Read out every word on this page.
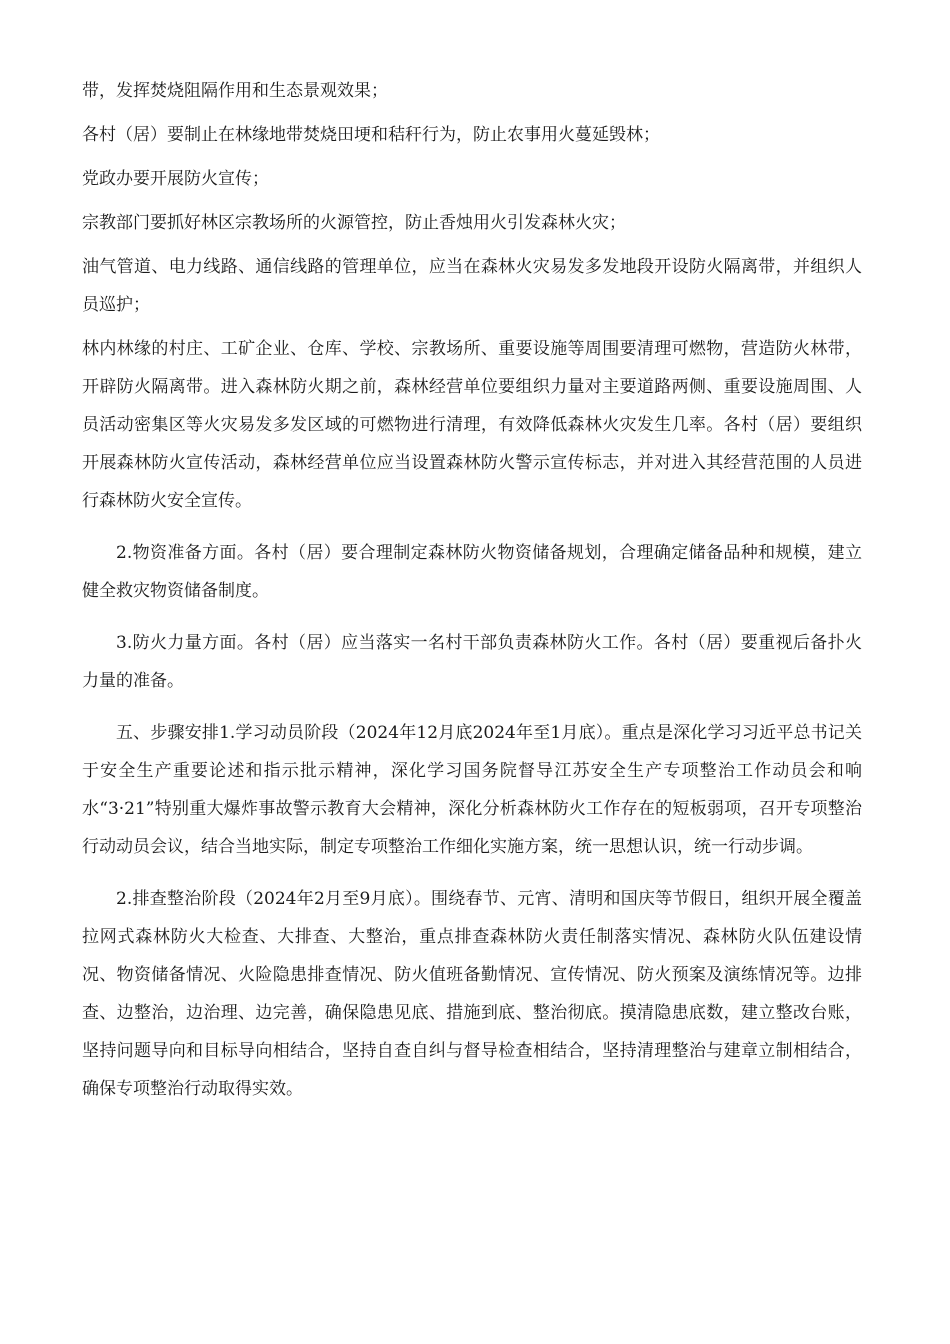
带，发挥焚烧阻隔作用和生态景观效果；

各村（居）要制止在林缘地带焚烧田埂和秸秆行为，防止农事用火蔓延毁林；

党政办要开展防火宣传；

宗教部门要抓好林区宗教场所的火源管控，防止香烛用火引发森林火灾；

油气管道、电力线路、通信线路的管理单位，应当在森林火灾易发多发地段开设防火隔离带，并组织人员巡护；

林内林缘的村庄、工矿企业、仓库、学校、宗教场所、重要设施等周围要清理可燃物，营造防火林带，开辟防火隔离带。进入森林防火期之前，森林经营单位要组织力量对主要道路两侧、重要设施周围、人员活动密集区等火灾易发多发区域的可燃物进行清理，有效降低森林火灾发生几率。各村（居）要组织开展森林防火宣传活动，森林经营单位应当设置森林防火警示宣传标志，并对进入其经营范围的人员进行森林防火安全宣传。

2.物资准备方面。各村（居）要合理制定森林防火物资储备规划，合理确定储备品种和规模，建立健全救灾物资储备制度。

3.防火力量方面。各村（居）应当落实一名村干部负责森林防火工作。各村（居）要重视后备扑火力量的准备。

五、步骤安排1.学习动员阶段（2024年12月底2024年至1月底）。重点是深化学习习近平总书记关于安全生产重要论述和指示批示精神，深化学习国务院督导江苏安全生产专项整治工作动员会和响水“3·21”特别重大爆炸事故警示教育大会精神，深化分析森林防火工作存在的短板弱项，召开专项整治行动动员会议，结合当地实际，制定专项整治工作细化实施方案，统一思想认识，统一行动步调。

2.排查整治阶段（2024年2月至9月底）。围绕春节、元宵、清明和国庆等节假日，组织开展全覆盖拉网式森林防火大检查、大排查、大整治，重点排查森林防火责任制落实情况、森林防火队伍建设情况、物资储备情况、火险隐患排查情况、防火值班备勤情况、宣传情况、防火预案及演练情况等。边排查、边整治，边治理、边完善，确保隐患见底、措施到底、整治彻底。摸清隐患底数，建立整改台账，坚持问题导向和目标导向相结合，坚持自查自纠与督导检查相结合，坚持清理整治与建章立制相结合，确保专项整治行动取得实效。
